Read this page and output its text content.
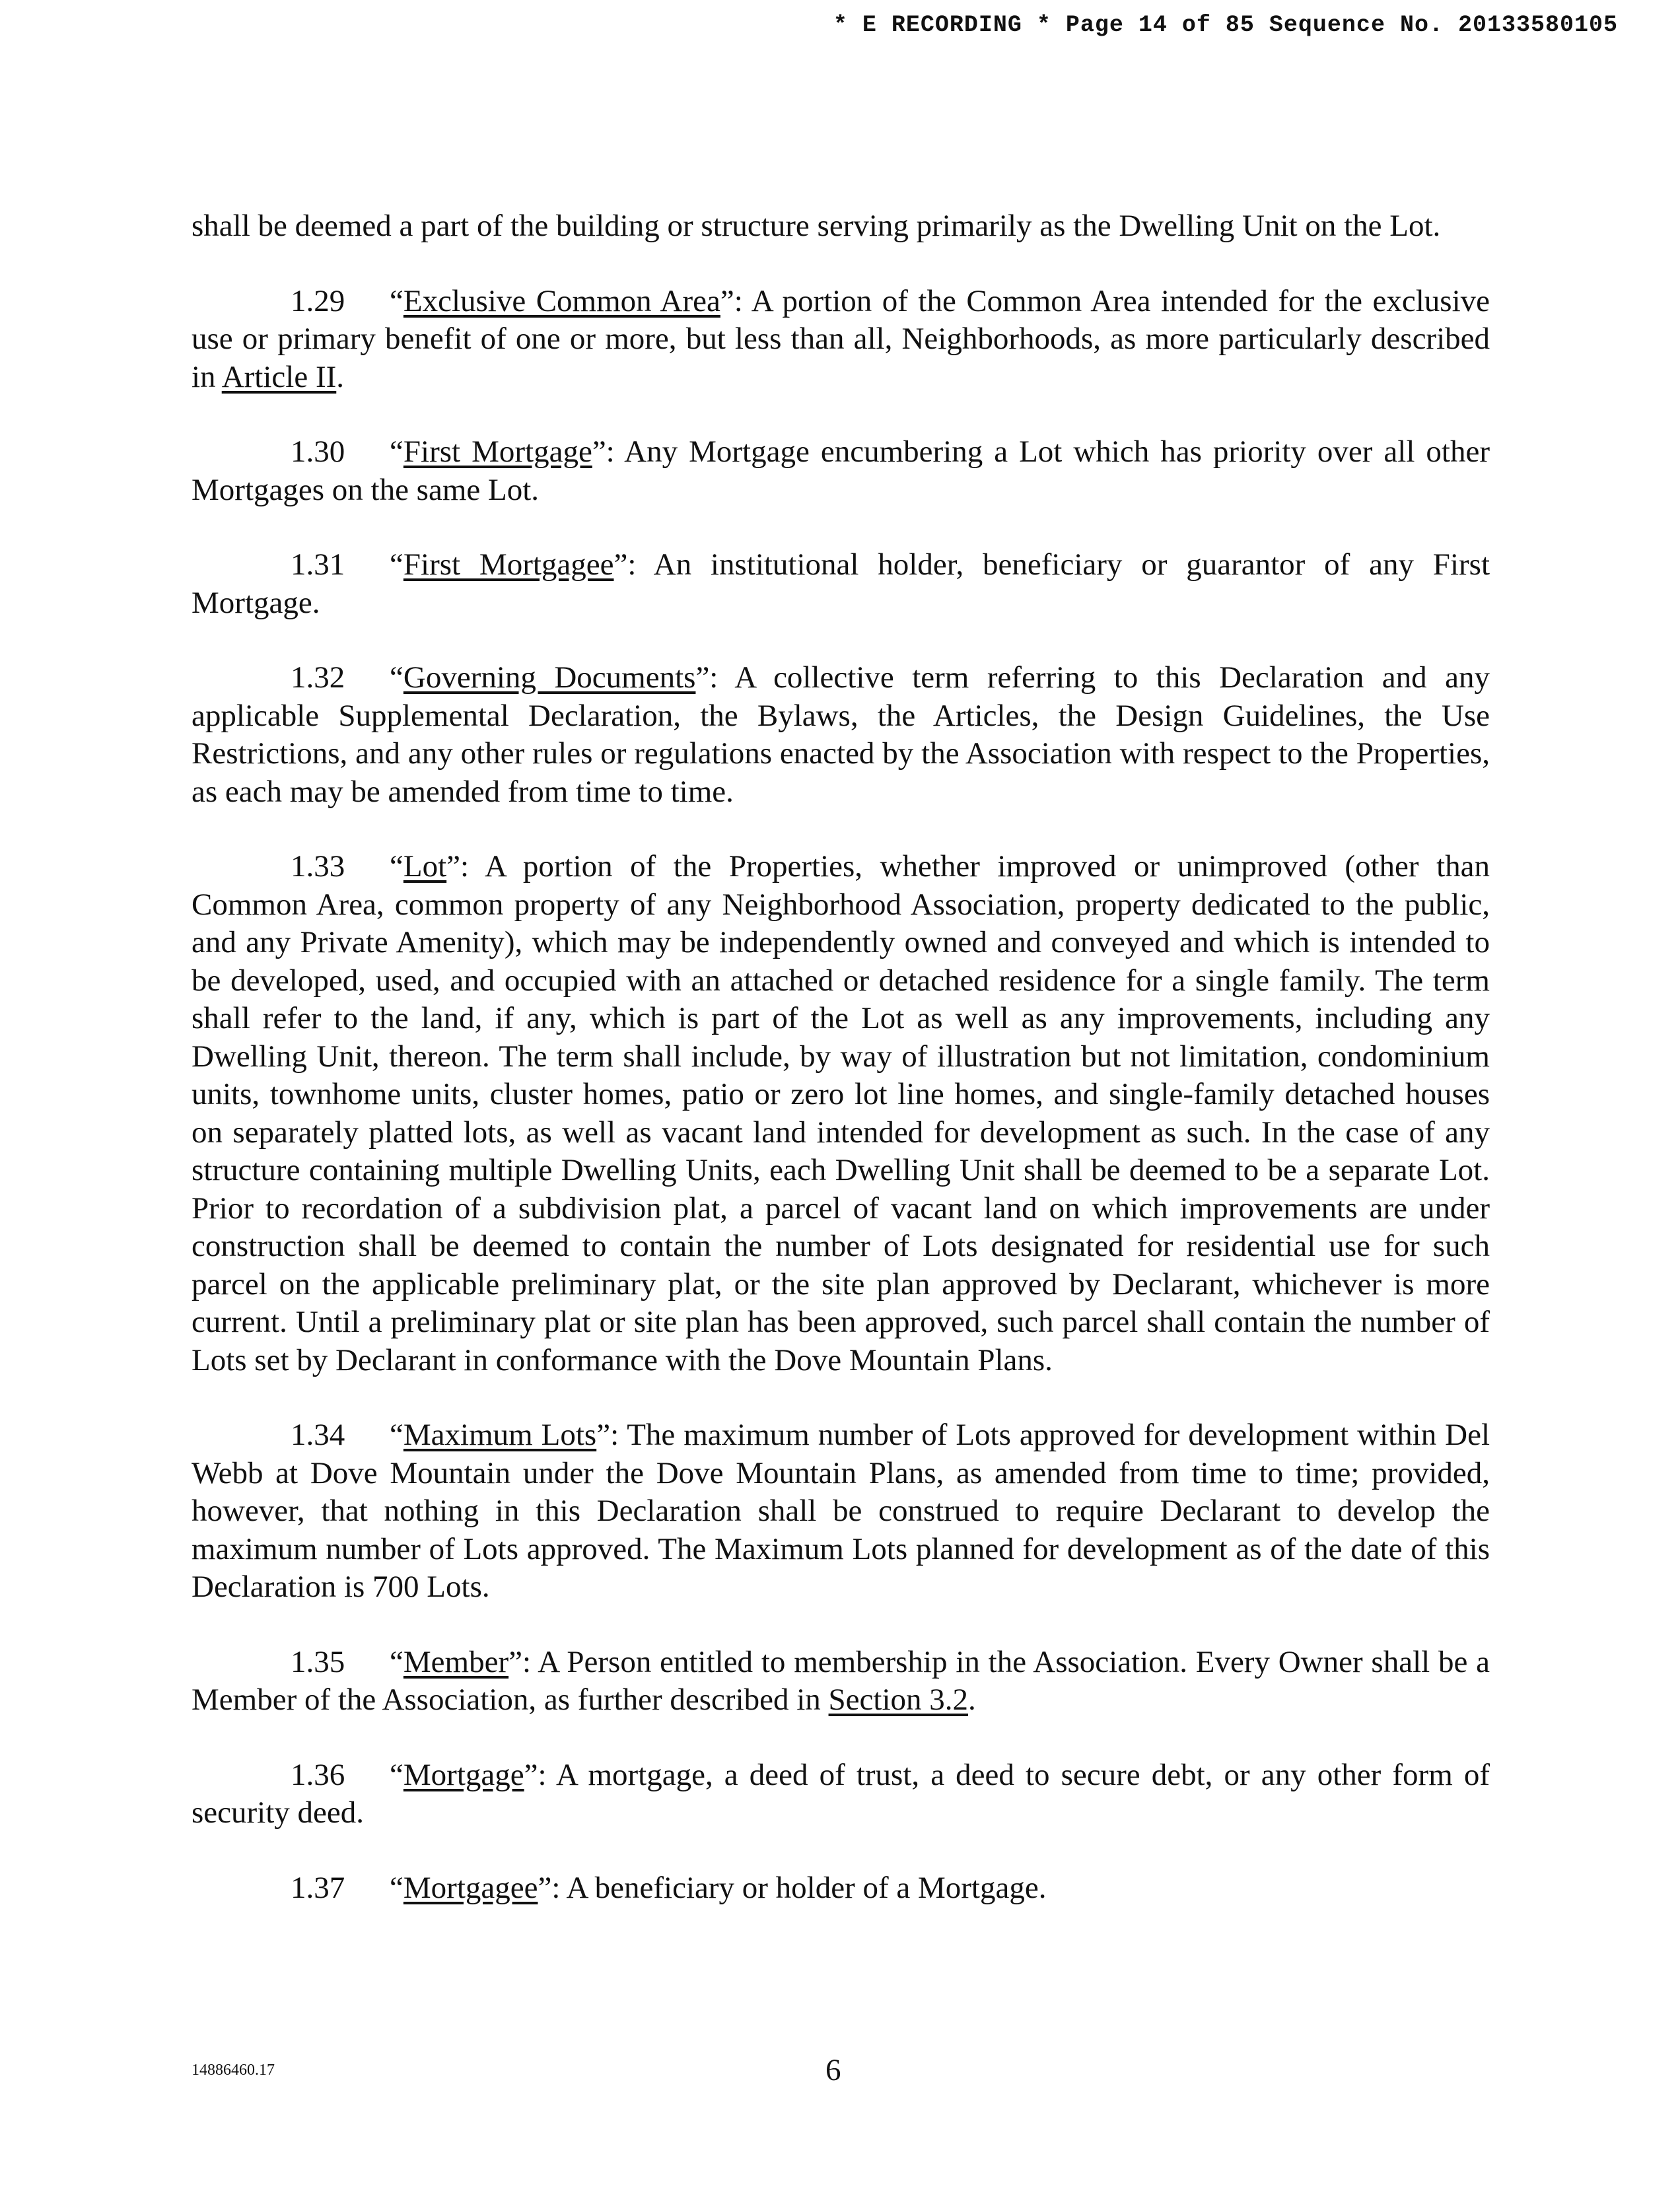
* E RECORDING * Page 14 of 85 Sequence No. 20133580105

shall be deemed a part of the building or structure serving primarily as the Dwelling Unit on the Lot.

1.29 “Exclusive Common Area”: A portion of the Common Area intended for the exclusive use or primary benefit of one or more, but less than all, Neighborhoods, as more particularly described in Article II.

1.30 “First Mortgage”: Any Mortgage encumbering a Lot which has priority over all other Mortgages on the same Lot.

1.31 “First Mortgagee”: An institutional holder, beneficiary or guarantor of any First Mortgage.

1.32 “Governing Documents”: A collective term referring to this Declaration and any applicable Supplemental Declaration, the Bylaws, the Articles, the Design Guidelines, the Use Restrictions, and any other rules or regulations enacted by the Association with respect to the Properties, as each may be amended from time to time.

1.33 “Lot”: A portion of the Properties, whether improved or unimproved (other than Common Area, common property of any Neighborhood Association, property dedicated to the public, and any Private Amenity), which may be independently owned and conveyed and which is intended to be developed, used, and occupied with an attached or detached residence for a single family. The term shall refer to the land, if any, which is part of the Lot as well as any improvements, including any Dwelling Unit, thereon. The term shall include, by way of illustration but not limitation, condominium units, townhome units, cluster homes, patio or zero lot line homes, and single-family detached houses on separately platted lots, as well as vacant land intended for development as such. In the case of any structure containing multiple Dwelling Units, each Dwelling Unit shall be deemed to be a separate Lot. Prior to recordation of a subdivision plat, a parcel of vacant land on which improvements are under construction shall be deemed to contain the number of Lots designated for residential use for such parcel on the applicable preliminary plat, or the site plan approved by Declarant, whichever is more current. Until a preliminary plat or site plan has been approved, such parcel shall contain the number of Lots set by Declarant in conformance with the Dove Mountain Plans.

1.34 “Maximum Lots”: The maximum number of Lots approved for development within Del Webb at Dove Mountain under the Dove Mountain Plans, as amended from time to time; provided, however, that nothing in this Declaration shall be construed to require Declarant to develop the maximum number of Lots approved. The Maximum Lots planned for development as of the date of this Declaration is 700 Lots.

1.35 “Member”: A Person entitled to membership in the Association. Every Owner shall be a Member of the Association, as further described in Section 3.2.

1.36 “Mortgage”: A mortgage, a deed of trust, a deed to secure debt, or any other form of security deed.

1.37 “Mortgagee”: A beneficiary or holder of a Mortgage.

14886460.17	6
